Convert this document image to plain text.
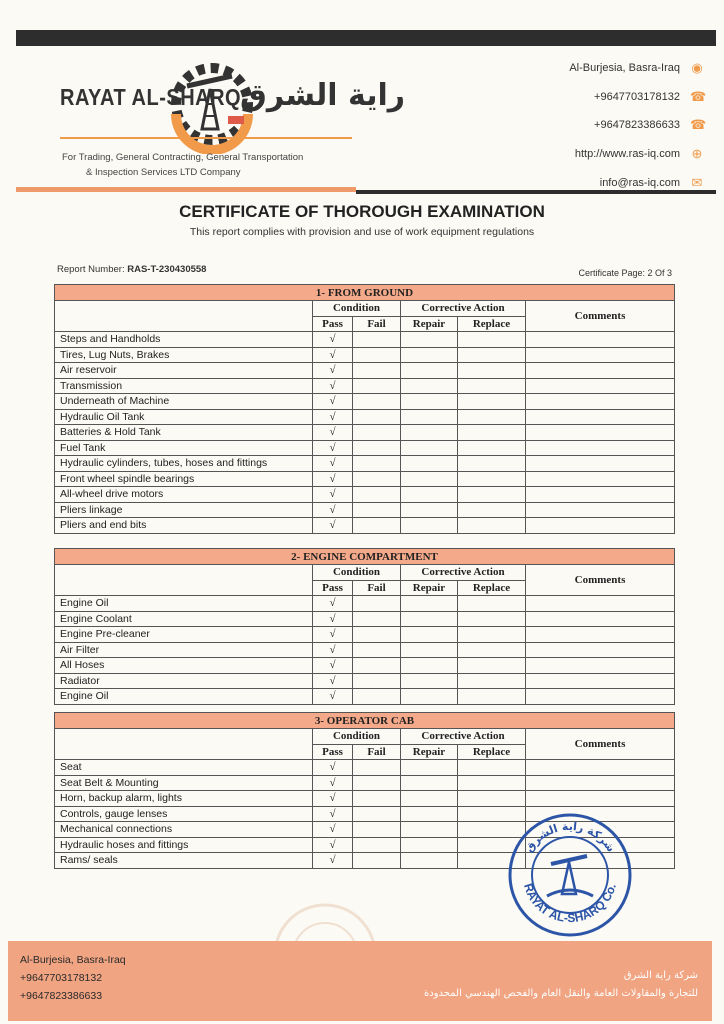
RAYAT AL-SHARQ
راية الشرق
For Trading, General Contracting, General Transportation
& Inspection Services LTD Company
Al-Burjesia, Basra-Iraq ◉
+9647703178132 ☎
+9647823386633 ☎
http://www.ras-iq.com ⊕
info@ras-iq.com ✉
CERTIFICATE OF THOROUGH EXAMINATION
This report complies with provision and use of work equipment regulations
Report Number: RAS-T-230430558	Certificate Page: 2 Of 3
1- FROM GROUND					
	Condition		Corrective Action		Comments
	Pass	Fail	Repair	Replace	
Steps and Handholds	√				
Tires, Lug Nuts, Brakes	√				
Air reservoir	√				
Transmission	√				
Underneath of Machine	√				
Hydraulic Oil Tank	√				
Batteries & Hold Tank	√				
Fuel Tank	√				
Hydraulic cylinders, tubes, hoses and fittings	√				
Front wheel spindle bearings	√				
All-wheel drive motors	√				
Pliers linkage	√				
Pliers and end bits	√				
2- ENGINE COMPARTMENT					
	Condition		Corrective Action		Comments
	Pass	Fail	Repair	Replace	
Engine Oil	√				
Engine Coolant	√				
Engine Pre-cleaner	√				
Air Filter	√				
All Hoses	√				
Radiator	√				
Engine Oil	√				
3- OPERATOR CAB					
	Condition		Corrective Action		Comments
	Pass	Fail	Repair	Replace	
Seat	√				
Seat Belt & Mounting	√				
Horn, backup alarm, lights	√				
Controls, gauge lenses	√				
Mechanical connections	√				
Hydraulic hoses and fittings	√				
Rams/ seals	√				
شركة راية الشرق
RAYAT AL-SHARQ Co.
Al-Burjesia, Basra-Iraq
+9647703178132
+9647823386633
شركة راية الشرق
للتجارة والمقاولات العامة والنقل العام والفحص الهندسي المحدودة
